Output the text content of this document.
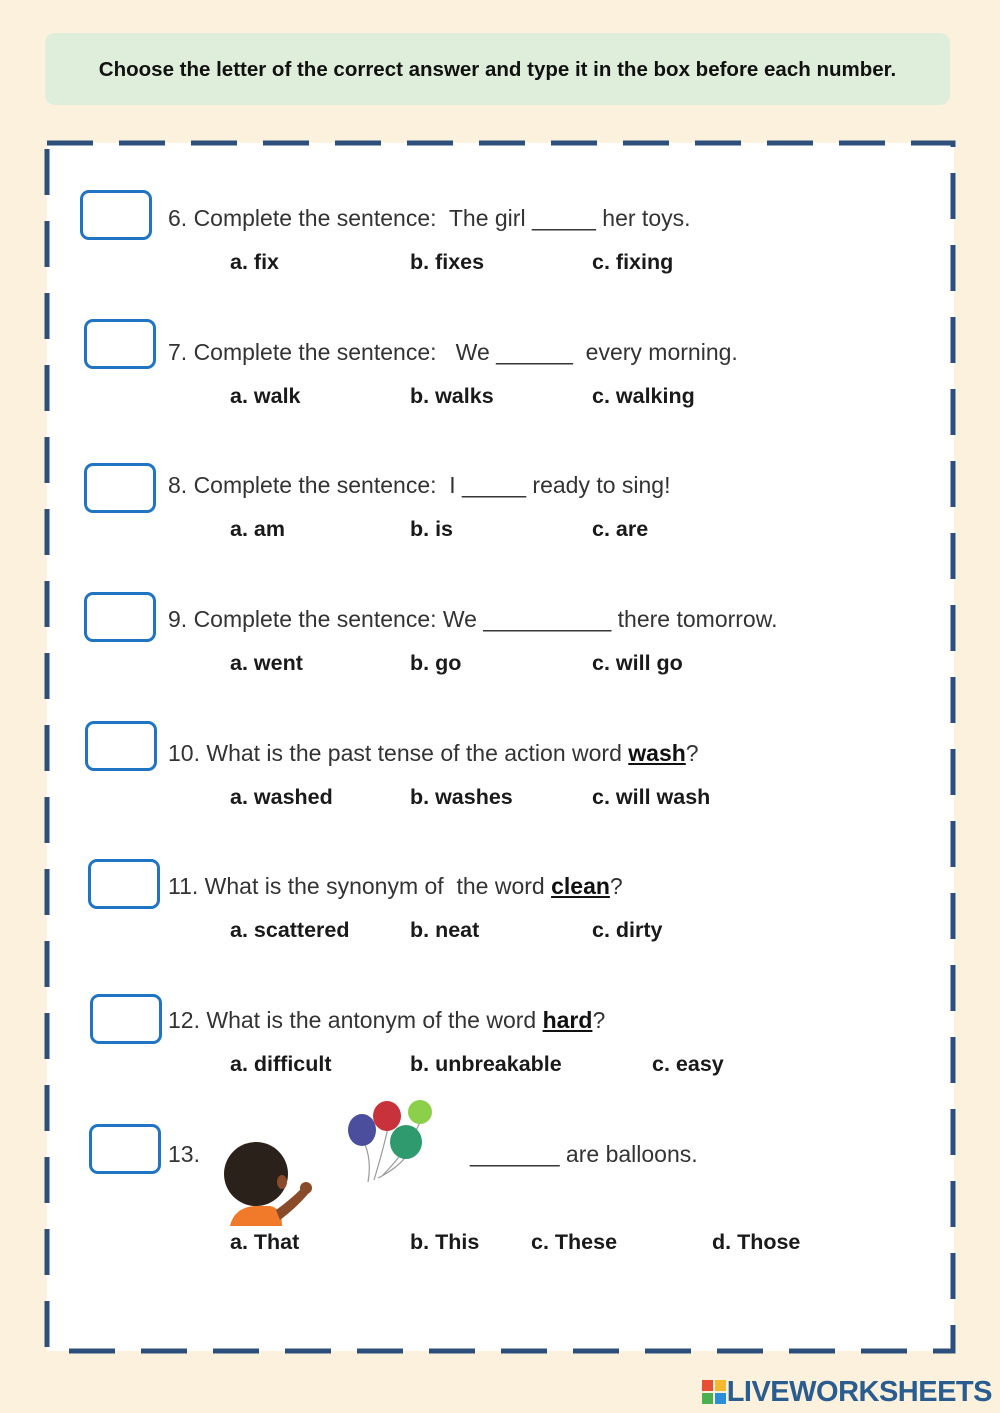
Choose the letter of the correct answer and type it in the box before each number.
6. Complete the sentence:  The girl _____ her toys.
a. fix	b. fixes	c. fixing
7. Complete the sentence:   We ______  every morning.
a. walk	b. walks	c. walking
8. Complete the sentence:  I _____ ready to sing!
a. am	b. is	c. are
9. Complete the sentence: We __________ there tomorrow.
a. went	b. go	c. will go
10. What is the past tense of the action word wash?
a. washed	b. washes	c. will wash
11. What is the synonym of  the word clean?
a. scattered	b. neat	c. dirty
12. What is the antonym of the word hard?
a. difficult	b. unbreakable	c. easy
13.	_______ are balloons.
a. That	b. This c. These	d. Those
LIVEWORKSHEETS
